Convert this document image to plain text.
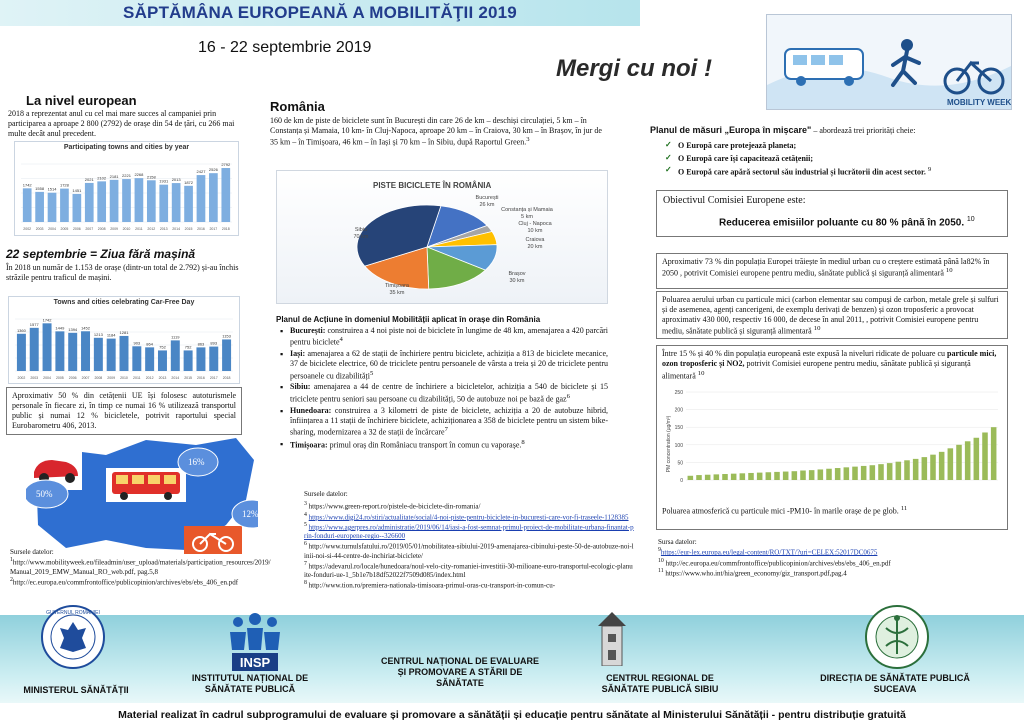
SĂPTĂMÂNA EUROPEANĂ A MOBILITĂŢII 2019
16 - 22 septembrie 2019
Mergi cu noi !
MOBILITY WEEK
La nivel european
2018 a reprezentat anul cu cel mai mare succes al campaniei prin participarea a aproape 2 800 (2792) de orașe din 54 de țări, cu 266 mai multe decât anul precedent.
Participating towns and cities by year
1742
2002
1558
2003
1514
2004
1728
2005
1451
2006
2021
2007
2102
2008
2181
2009
2221
2010
2268
2011
2158
2012
1931
2013
2013
2014
1872
2015
2427
2016
2526
2017
2792
2018
22 septembrie = Ziua fără mașină
În 2018 un număr de 1.153 de orașe (dintr-un total de 2.792) și-au închis străzile pentru traficul de mașini.
Towns and cities celebrating Car-Free Day
1360
2002
1577
2003
1742
2004
1449
2005
1394
2006
1452
2007
1213
2008
1184
2009
1281
2010
903
2011
864
2012
752
2013
1119
2014
752
2015
863
2016
893
2017
1153
2018
Aproximativ 50 % din cetățenii UE își folosesc autoturismele personale în fiecare zi, în timp ce numai 16 % utilizează transportul public și numai 12 % bicicletele, potrivit raportului special Eurobarometru 406, 2013.
50%
16%
12%
Sursele datelor:
$^1$http://www.mobilityweek.eu/fileadmin/user_upload/materials/participation_resources/2019/Manual_2019_EMW_Manual_RO_web.pdf, pag.5,8
$^2$http://ec.europa.eu/commfrontoffice/publicopinion/archives/ebs/ebs_406_en.pdf
România
160 de km de piste de biciclete sunt în București din care 26 de km – deschiși circulației, 5 km – în Constanța și Mamaia, 10 km- în Cluj-Napoca, aproape 20 km – în Craiova, 30 km – în Brașov, în jur de 35 km – în Timișoara, 46 km – în Iași și 70 km – în Sibiu, după Raportul Green.$^3$
PISTE BICICLETE ÎN ROMÂNIA
București
26 km
Constanța și Mamaia
5 km
Cluj - Napoca
10 km
Craiova
20 km
Brașov
30 km
Timișoara
35 km
Sibiu
70 km
Planul de Acțiune în domeniul Mobilității aplicat în orașe din România
▪ București: construirea a 4 noi piste noi de biciclete în lungime de 48 km, amenajarea a 420 parcări pentru biciclete$^4$
▪ Iași: amenajarea a 62 de stații de închiriere pentru biciclete, achiziția a 813 de biciclete mecanice, 37 de biciclete electrice, 60 de triciclete pentru persoanele de vârsta a treia și 20 de triciclete pentru persoanele cu dizabilități$^5$
▪ Sibiu: amenajarea a 44 de centre de închiriere a bicicletelor, achiziția a 540 de biciclete și 15 triciclete pentru seniori sau persoane cu dizabilități, 50 de autobuze noi pe bază de gaz$^6$
▪ Hunedoara: construirea a 3 kilometri de piste de biciclete, achiziția a 20 de autobuze hibrid, înființarea a 11 stații de închiriere biciclete, achiziționarea a 358 de biciclete pentru un sistem bike-sharing, modernizarea a 32 de stații de încărcare$^7$
▪ Timișoara: primul oraș din Româniacu transport în comun cu vaporașe.$^8$
Sursele datelor:
$^3$ https://www.green-report.ro/pistele-de-biciclete-din-romania/
$^4$ https://www.digi24.ro/stiri/actualitate/social/4-noi-piste-pentru-biciclete-in-bucuresti-care-vor-fi-traseele-1128385
$^5$ https://www.agerpres.ro/administratie/2019/06/14/iasi-a-fost-semnat-primul-proiect-de-mobilitate-urbana-finantat-prin-fonduri-europene-regio--326600
$^6$ http://www.turnulsfatului.ro/2019/05/01/mobilitatea-sibiului-2019-amenajarea-cibinului-peste-50-de-autobuze-noi-linii-noi-si-44-centre-de-inchiriat-biciclete/
$^7$ https://adevarul.ro/locale/hunedoara/noul-velo-city-romaniei-investitii-30-milioane-euro-transportul-ecologic-planuite-fonduri-ue-1_5b1e7b18df52022f7509d085/index.html
$^8$ http://www.tion.ro/premiera-nationala-timisoara-primul-oras-cu-transport-in-comun-cu-
Planul de măsuri „Europa în mișcare" – abordează trei priorități cheie:
✓ O Europă care protejează planeta;
✓ O Europă care își capacitează cetățenii;
✓ O Europă care apără sectorul său industrial și lucrătorii din acest sector. $^9$
Obiectivul Comisiei Europene este:
Reducerea emisiilor poluante cu 80 % până în 2050. $^{10}$
Aproximativ 73 % din populația Europei trăiește în mediul urban cu o creștere estimată până la82% în 2050 , potrivit Comisiei europene pentru mediu, sănătate publică și siguranță alimentară $^{10}$
Poluarea aerului urban cu particule mici (carbon elementar sau compuși de carbon, metale grele și sulfuri și de asemenea, agenți cancerigeni, de exemplu derivați de benzen) și ozon troposferic a provocat aproximativ 430 000, respectiv 16 000, de decese în anul 2011, , potrivit Comisiei europene pentru mediu, sănătate publică și siguranță alimentară $^{10}$
Între 15 % și 40 % din populația europeană este expusă la niveluri ridicate de poluare cu particule mici, ozon troposferic și NO2, potrivit Comisiei europene pentru mediu, sănătate publică și siguranță alimentară $^{10}$
0
50
100
150
200
250
PM concentration (µg/m³)
Poluarea atmosferică cu particule mici -PM10- în marile orașe de pe glob. $^{11}$
Sursa datelor:
$^9$https://eur-lex.europa.eu/legal-content/RO/TXT/?uri=CELEX:52017DC0675
$^{10}$ http://ec.europa.eu/commfrontoffice/publicopinion/archives/ebs/ebs_406_en.pdf
$^{11}$ https://www.who.int/hia/green_economy/giz_transport.pdf,pag.4
GUVERNUL ROMÂNIEI
INSP
MINISTERUL SĂNĂTĂȚII
INSTITUTUL NAȚIONAL DE SĂNĂTATE PUBLICĂ
CENTRUL NAȚIONAL DE EVALUARE ȘI PROMOVARE A STĂRII DE SĂNĂTATE	CENTRUL REGIONAL DE SĂNĂTATE PUBLICĂ SIBIU
DIRECȚIA DE SĂNĂTATE PUBLICĂ SUCEAVA
Material realizat în cadrul subprogramului de evaluare și promovare a sănătății și educație pentru sănătate al Ministerului Sănătății - pentru distribuție gratuită
